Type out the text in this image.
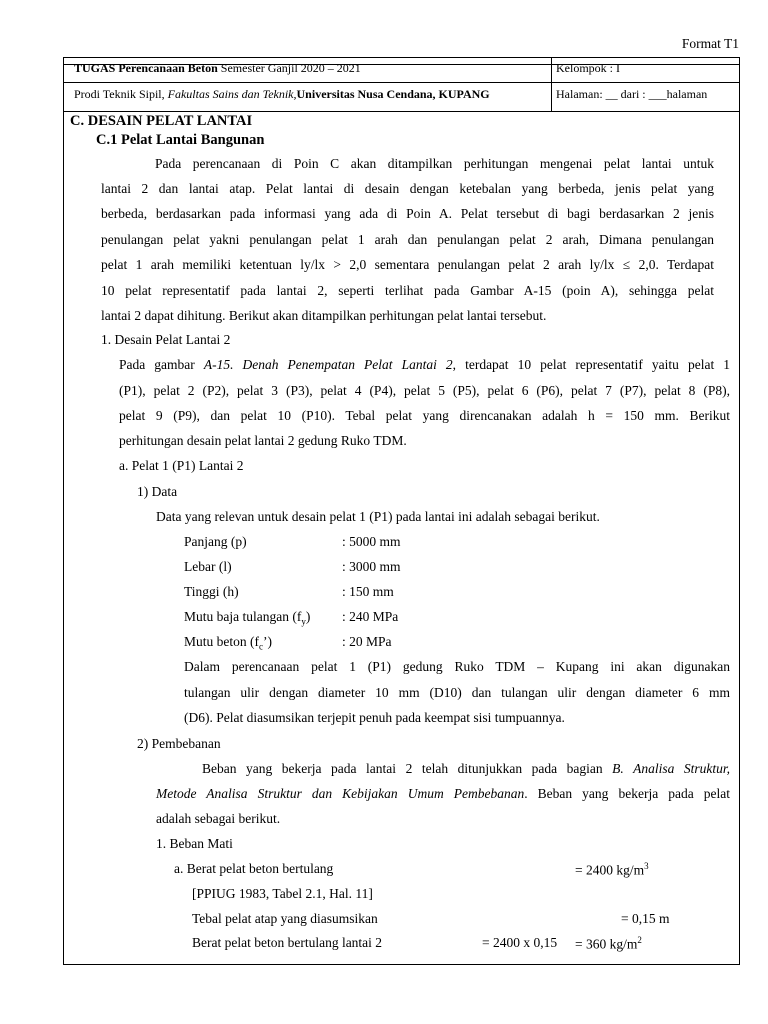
Format T1
TUGAS Perencanaan Beton Semester Ganjil 2020 – 2021	Kelompok : I
Prodi Teknik Sipil, Fakultas Sains dan Teknik,Universitas Nusa Cendana, KUPANG	Halaman: __ dari : ___halaman
C. DESAIN PELAT LANTAI
C.1 Pelat Lantai Bangunan
Pada perencanaan di Poin C akan ditampilkan perhitungan mengenai pelat lantai untuk
lantai 2 dan lantai atap. Pelat lantai di desain dengan ketebalan yang berbeda, jenis pelat yang
berbeda, berdasarkan pada informasi yang ada di Poin A. Pelat tersebut di bagi berdasarkan 2 jenis
penulangan pelat yakni penulangan pelat 1 arah dan penulangan pelat 2 arah, Dimana penulangan
pelat 1 arah memiliki ketentuan ly/lx > 2,0 sementara penulangan pelat 2 arah ly/lx ≤ 2,0. Terdapat
10 pelat representatif pada lantai 2, seperti terlihat pada Gambar A-15 (poin A), sehingga pelat
lantai 2 dapat dihitung. Berikut akan ditampilkan perhitungan pelat lantai tersebut.
1. Desain Pelat Lantai 2
Pada gambar A-15. Denah Penempatan Pelat Lantai 2, terdapat 10 pelat representatif yaitu pelat 1
(P1), pelat 2 (P2), pelat 3 (P3), pelat 4 (P4), pelat 5 (P5), pelat 6 (P6), pelat 7 (P7), pelat 8 (P8),
pelat 9 (P9), dan pelat 10 (P10). Tebal pelat yang direncanakan adalah h = 150 mm. Berikut
perhitungan desain pelat lantai 2 gedung Ruko TDM.
a. Pelat 1 (P1) Lantai 2
1) Data
Data yang relevan untuk desain pelat 1 (P1) pada lantai ini adalah sebagai berikut.
Panjang (p)	: 5000 mm
Lebar (l)	: 3000 mm
Tinggi (h)	: 150 mm
Mutu baja tulangan $(f_y)$ : 240 MPa
Mutu beton $(f_c’)$	: 20 MPa
Dalam perencanaan pelat 1 (P1) gedung Ruko TDM – Kupang ini akan digunakan
tulangan ulir dengan diameter 10 mm (D10) dan tulangan ulir dengan diameter 6 mm
(D6). Pelat diasumsikan terjepit penuh pada keempat sisi tumpuannya.
2) Pembebanan
Beban yang bekerja pada lantai 2 telah ditunjukkan pada bagian B. Analisa Struktur,
Metode Analisa Struktur dan Kebijakan Umum Pembebanan. Beban yang bekerja pada pelat
adalah sebagai berikut.
1. Beban Mati
a. Berat pelat beton bertulang	= 2400 $kg/m^3$
[PPIUG 1983, Tabel 2.1, Hal. 11]
Tebal pelat atap yang diasumsikan	= 0,15 m
Berat pelat beton bertulang lantai 2	= 2400 x 0,15 = 360 $kg/m^2$
